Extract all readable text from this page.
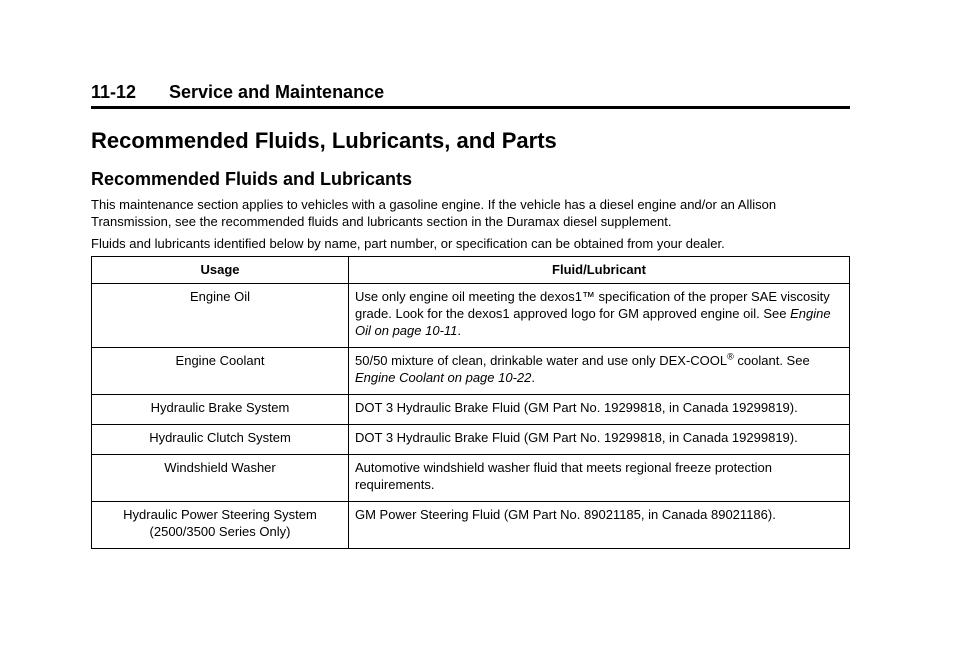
11-12 Service and Maintenance
Recommended Fluids, Lubricants, and Parts
Recommended Fluids and Lubricants

This maintenance section applies to vehicles with a gasoline engine. If the vehicle has a diesel engine and/or an Allison Transmission, see the recommended fluids and lubricants section in the Duramax diesel supplement.

Fluids and lubricants identified below by name, part number, or specification can be obtained from your dealer.

Usage	Fluid/Lubricant
Engine Oil	Use only engine oil meeting the dexos1™ specification of the proper SAE viscosity grade. Look for the dexos1 approved logo for GM approved engine oil. See Engine Oil on page 10-11.
Engine Coolant	50/50 mixture of clean, drinkable water and use only DEX-COOL® coolant. See Engine Coolant on page 10-22.
Hydraulic Brake System	DOT 3 Hydraulic Brake Fluid (GM Part No. 19299818, in Canada 19299819).
Hydraulic Clutch System	DOT 3 Hydraulic Brake Fluid (GM Part No. 19299818, in Canada 19299819).
Windshield Washer	Automotive windshield washer fluid that meets regional freeze protection requirements.
Hydraulic Power Steering System (2500/3500 Series Only)	GM Power Steering Fluid (GM Part No. 89021185, in Canada 89021186).
